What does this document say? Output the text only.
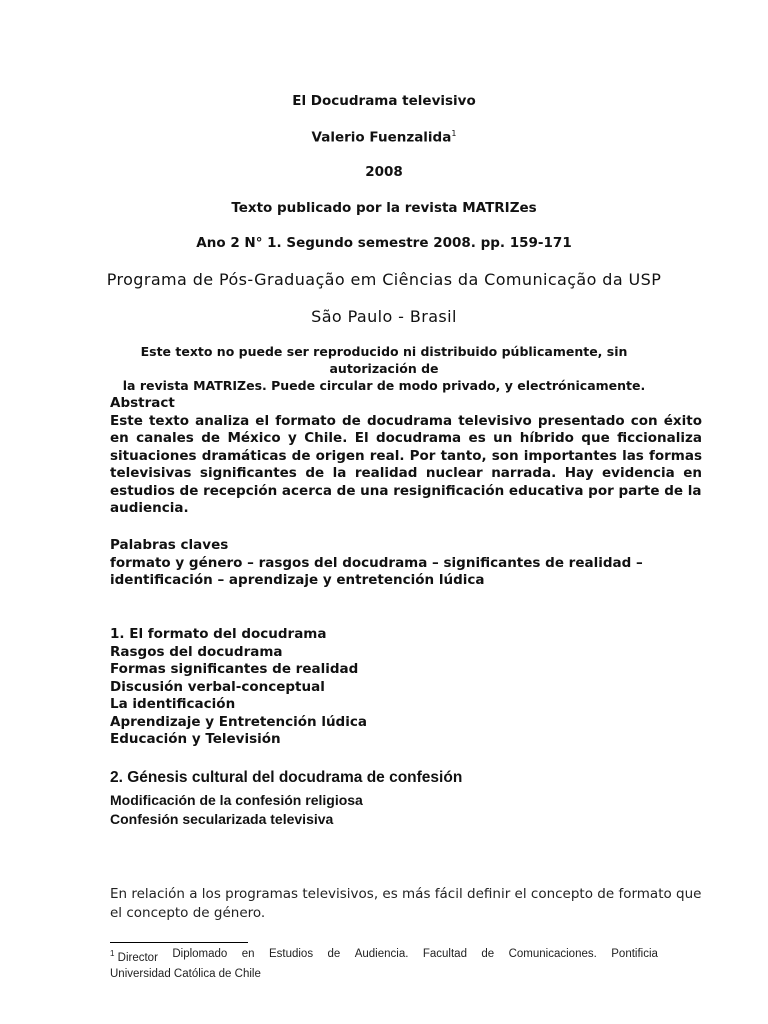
El Docudrama televisivo
Valerio Fuenzalida$^1$
2008
Texto publicado por la revista MATRIZes
Ano 2 N° 1. Segundo semestre 2008. pp. 159-171
Programa de Pós-Graduação em Ciências da Comunicação da USP
São Paulo - Brasil
Este texto no puede ser reproducido ni distribuido públicamente, sin autorización de
la revista MATRIZes. Puede circular de modo privado, y electrónicamente.
Abstract
Este texto analiza el formato de docudrama televisivo presentado con éxito en canales de México y Chile. El docudrama es un híbrido que ficcionaliza situaciones dramáticas de origen real. Por tanto, son importantes las formas televisivas significantes de la realidad nuclear narrada. Hay evidencia en estudios de recepción acerca de una resignificación educativa por parte de la
audiencia.
Palabras claves
formato y género – rasgos del docudrama – significantes de realidad –
identificación – aprendizaje y entretención lúdica
1. El formato del docudrama
Rasgos del docudrama
Formas significantes de realidad
Discusión verbal-conceptual
La identificación
Aprendizaje y Entretención lúdica
Educación y Televisión
2. Génesis cultural del docudrama de confesión
Modificación de la confesión religiosa
Confesión secularizada televisiva
En relación a los programas televisivos, es más fácil definir el concepto de formato que el concepto de género.
$^1$ Director Diplomado en Estudios de Audiencia. Facultad de Comunicaciones. Pontificia
Universidad Católica de Chile
